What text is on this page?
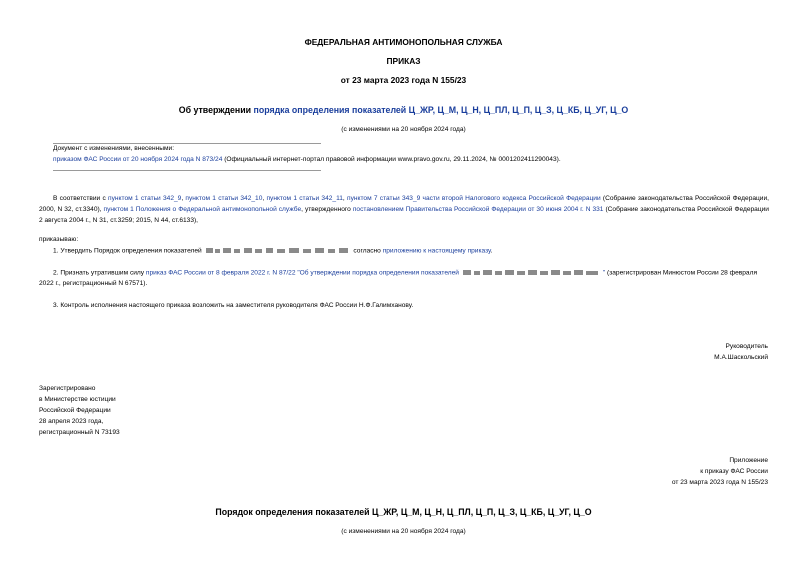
ФЕДЕРАЛЬНАЯ АНТИМОНОПОЛЬНАЯ СЛУЖБА
ПРИКАЗ
от 23 марта 2023 года N 155/23
Об утверждении порядка определения показателей Ц_ЖР, Ц_М, Ц_Н, Ц_ПЛ, Ц_П, Ц_З, Ц_КБ, Ц_УГ, Ц_О
(с изменениями на 20 ноября 2024 года)
Документ с изменениями, внесенными:
приказом ФАС России от 20 ноября 2024 года N 873/24 (Официальный интернет-портал правовой информации www.pravo.gov.ru, 29.11.2024, № 0001202411290043).
В соответствии с пунктом 1 статьи 342_9, пунктом 1 статьи 342_10, пунктом 1 статьи 342_11, пунктом 7 статьи 343_9 части второй Налогового кодекса Российской Федерации (Собрание законодательства Российской Федерации, 2000, N 32, ст.3340), пунктом 1 Положения о Федеральной антимонопольной службе, утвержденного постановлением Правительства Российской Федерации от 30 июня 2004 г. N 331 (Собрание законодательства Российской Федерации 2 августа 2004 г., N 31, ст.3259; 2015, N 44, ст.6133),
приказываю:
1. Утвердить Порядок определения показателей	согласно приложению к настоящему приказу.
2. Признать утратившим силу приказ ФАС России от 8 февраля 2022 г. N 87/22 "Об утверждении порядка определения показателей	" (зарегистрирован Минюстом России 28 февраля 2022 г., регистрационный N 67571).
3. Контроль исполнения настоящего приказа возложить на заместителя руководителя ФАС России Н.Ф.Галимханову.
Руководитель
М.А.Шаскольский
Зарегистрировано
в Министерстве юстиции
Российской Федерации
28 апреля 2023 года,
регистрационный N 73193
Приложение
к приказу ФАС России
от 23 марта 2023 года N 155/23
Порядок определения показателей Ц_ЖР, Ц_М, Ц_Н, Ц_ПЛ, Ц_П, Ц_З, Ц_КБ, Ц_УГ, Ц_О
(с изменениями на 20 ноября 2024 года)
